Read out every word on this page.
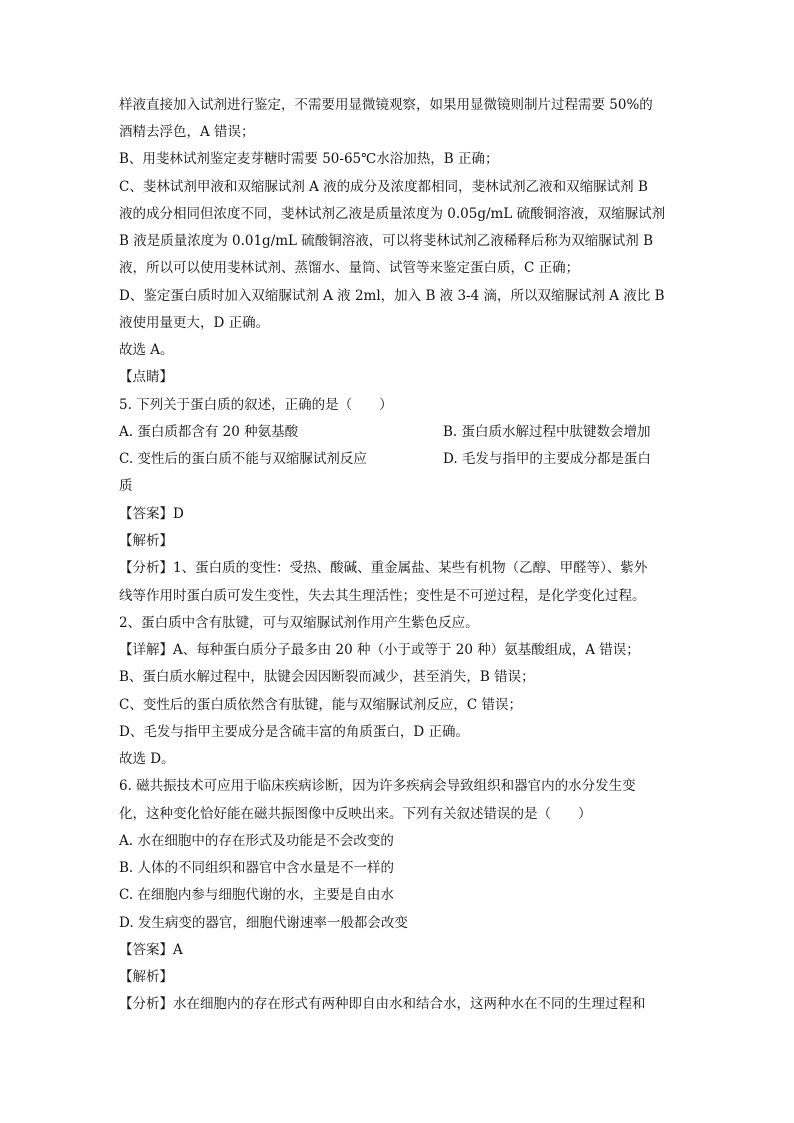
样液直接加入试剂进行鉴定，不需要用显微镜观察，如果用显微镜则制片过程需要 50%的
酒精去浮色，A 错误；
B、用斐林试剂鉴定麦芽糖时需要 50-65℃水浴加热，B 正确；
C、斐林试剂甲液和双缩脲试剂 A 液的成分及浓度都相同，斐林试剂乙液和双缩脲试剂 B
液的成分相同但浓度不同，斐林试剂乙液是质量浓度为 0.05g/mL 硫酸铜溶液，双缩脲试剂
B 液是质量浓度为 0.01g/mL 硫酸铜溶液，可以将斐林试剂乙液稀释后称为双缩脲试剂 B
液，所以可以使用斐林试剂、蒸馏水、量筒、试管等来鉴定蛋白质，C 正确；
D、鉴定蛋白质时加入双缩脲试剂 A 液 2ml，加入 B 液 3-4 滴，所以双缩脲试剂 A 液比 B
液使用量更大，D 正确。
故选 A。
【点睛】
5. 下列关于蛋白质的叙述，正确的是（　　）
A. 蛋白质都含有 20 种氨基酸	B. 蛋白质水解过程中肽键数会增加
C. 变性后的蛋白质不能与双缩脲试剂反应	D. 毛发与指甲的主要成分都是蛋白
质
【答案】D
【解析】
【分析】1、蛋白质的变性：受热、酸碱、重金属盐、某些有机物（乙醇、甲醛等）、紫外
线等作用时蛋白质可发生变性，失去其生理活性；变性是不可逆过程，是化学变化过程。
2、蛋白质中含有肽键，可与双缩脲试剂作用产生紫色反应。
【详解】A、每种蛋白质分子最多由 20 种（小于或等于 20 种）氨基酸组成，A 错误；
B、蛋白质水解过程中，肽键会因因断裂而减少，甚至消失，B 错误；
C、变性后的蛋白质依然含有肽键，能与双缩脲试剂反应，C 错误；
D、毛发与指甲主要成分是含硫丰富的角质蛋白，D 正确。
故选 D。
6. 磁共振技术可应用于临床疾病诊断，因为许多疾病会导致组织和器官内的水分发生变
化，这种变化恰好能在磁共振图像中反映出来。下列有关叙述错误的是（　　）
A. 水在细胞中的存在形式及功能是不会改变的
B. 人体的不同组织和器官中含水量是不一样的
C. 在细胞内参与细胞代谢的水，主要是自由水
D. 发生病变的器官，细胞代谢速率一般都会改变
【答案】A
【解析】
【分析】水在细胞内的存在形式有两种即自由水和结合水，这两种水在不同的生理过程和
